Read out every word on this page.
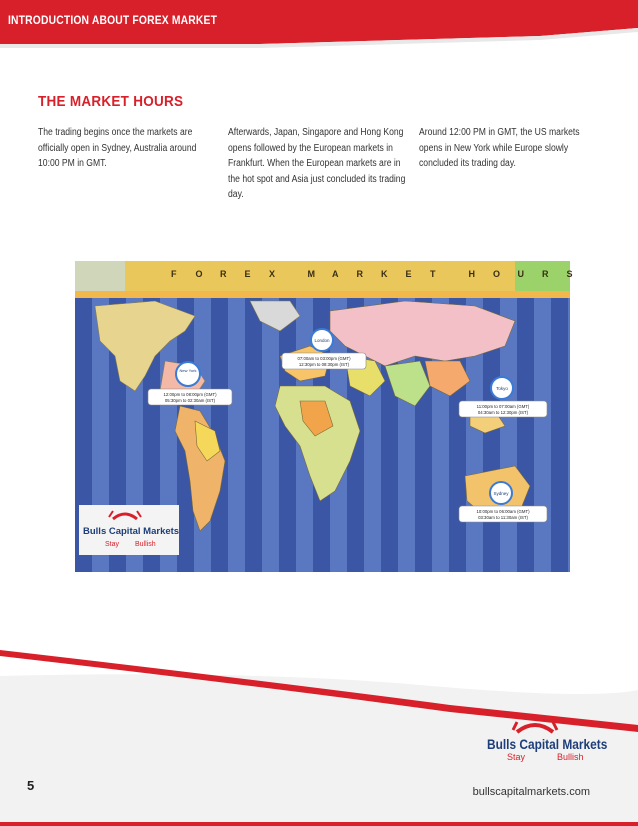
INTRODUCTION ABOUT FOREX MARKET
THE MARKET HOURS
The trading begins once the markets are officially open in Sydney, Australia around 10:00 PM in GMT.
Afterwards, Japan, Singapore and Hong Kong opens followed by the European markets in Frankfurt. When the European markets are in the hot spot and Asia just concluded its trading day.
Around 12:00 PM in GMT, the US markets opens in New York while Europe slowly concluded its trading day.
New York
12:00pm to 08:00pm (GMT)
05:30pm to 02:30am (IST)
London
07:00am to 03:00pm (GMT)
12:30pm to 08:30pm (IST)
Tokyo
11:00pm to 07:00am (GMT)
04:30am to 12:30pm (IST)
Sydney
10:00pm to 06:00am (GMT)
03:30am to 11:30am (IST)
Bulls Capital Markets
Stay Bullish
F O R E X	M A R K E T	H O U R S
Bulls Capital Markets
Stay	Bullish
5	bullscapitalmarkets.com
